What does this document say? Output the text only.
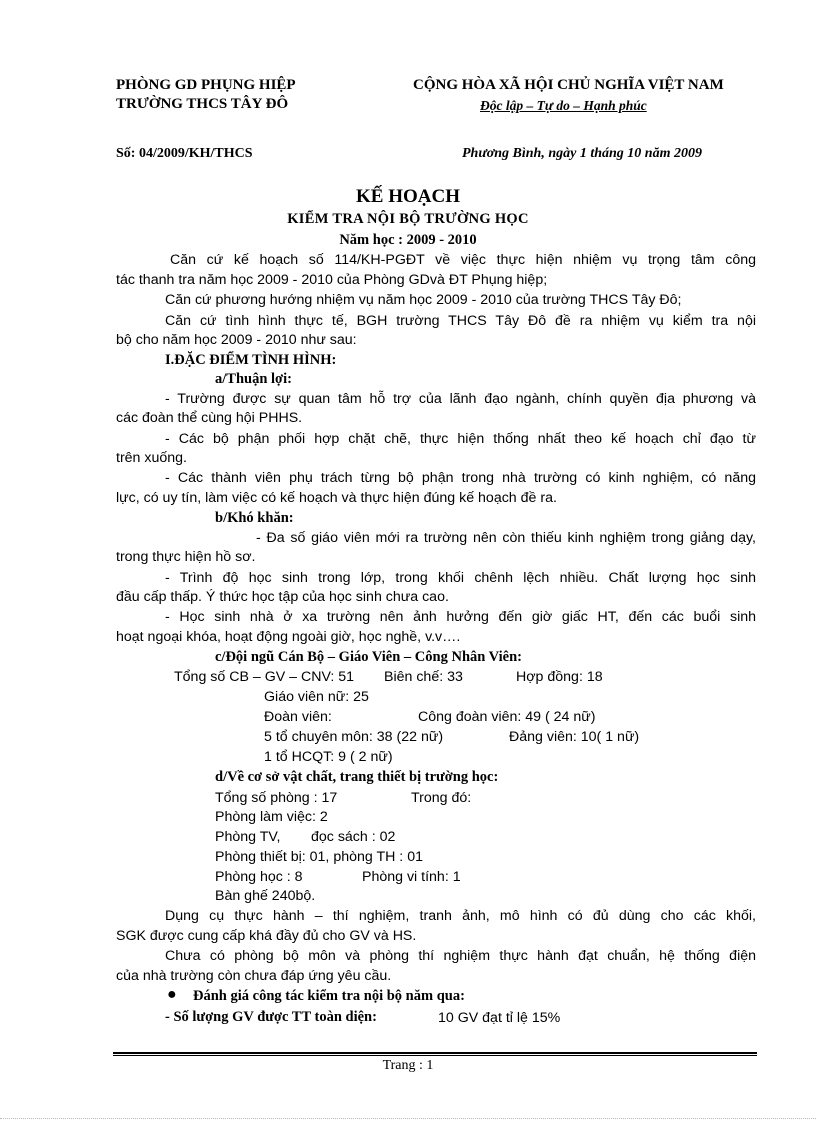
PHÒNG GD PHỤNG HIỆP
TRƯỜNG THCS TÂY ĐÔ
CỘNG HÒA XÃ HỘI CHỦ NGHĨA VIỆT NAM
Độc lập – Tự do – Hạnh phúc
Số: 04/2009/KH/THCS	Phương Bình, ngày 1 tháng 10 năm 2009
KẾ HOẠCH
KIỂM TRA NỘI BỘ TRƯỜNG HỌC
Năm học : 2009 - 2010
Căn cứ kế hoạch số 114/KH-PGĐT về việc thực hiện nhiệm vụ trọng tâm công
tác thanh tra năm học 2009 - 2010 của Phòng GDvà ĐT Phụng hiệp;
Căn cứ phương hướng nhiệm vụ năm học 2009 - 2010 của trường THCS Tây Đô;
Căn cứ tình hình thực tế, BGH trường THCS Tây Đô đề ra nhiệm vụ kiểm tra nội
bộ cho năm học 2009 - 2010 như sau:
I.ĐẶC ĐIỂM TÌNH HÌNH:
a/Thuận lợi:
- Trường được sự quan tâm hỗ trợ của lãnh đạo ngành, chính quyền địa phương và
các đoàn thể cùng hội PHHS.
- Các bộ phận phối hợp chặt chẽ, thực hiện thống nhất theo kế hoạch chỉ đạo từ
trên xuống.
- Các thành viên phụ trách từng bộ phận trong nhà trường có kinh nghiệm, có năng
lực, có uy tín, làm việc có kế hoạch và thực hiện đúng kế hoạch đề ra.
b/Khó khăn:
- Đa số giáo viên mới ra trường nên còn thiếu kinh nghiệm trong giảng dạy,
trong thực hiện hồ sơ.
- Trình độ học sinh trong lớp, trong khối chênh lệch nhiều. Chất lượng học sinh
đầu cấp thấp. Ý thức học tập của học sinh chưa cao.
- Học sinh nhà ở xa trường nên ảnh hưởng đến giờ giấc HT, đến các buổi sinh
hoạt ngoại khóa, hoạt động ngoài giờ, học nghề, v.v….
c/Đội ngũ Cán Bộ – Giáo Viên – Công Nhân Viên:
Tổng số CB – GV – CNV: 51 Biên chế: 33	Hợp đồng: 18
Giáo viên nữ: 25
Đoàn viên:	Công đoàn viên: 49 ( 24 nữ)
5 tổ chuyên môn: 38 (22 nữ)	Đảng viên: 10( 1 nữ)
1 tổ HCQT: 9 ( 2 nữ)
d/Về cơ sở vật chất, trang thiết bị trường học:
Tổng số phòng : 17	Trong đó:
Phòng làm việc: 2
Phòng TV, đọc sách : 02
Phòng thiết bị: 01, phòng TH : 01
Phòng học : 8	Phòng vi tính: 1
Bàn ghế 240bộ.
Dụng cụ thực hành – thí nghiệm, tranh ảnh, mô hình có đủ dùng cho các khối,
SGK được cung cấp khá đầy đủ cho GV và HS.
Chưa có phòng bộ môn và phòng thí nghiệm thực hành đạt chuẩn, hệ thống điện
của nhà trường còn chưa đáp ứng yêu cầu.
● Đánh giá công tác kiểm tra nội bộ năm qua:
- Số lượng GV được TT toàn diện:	10 GV đạt tỉ lệ 15%
Trang : 1
